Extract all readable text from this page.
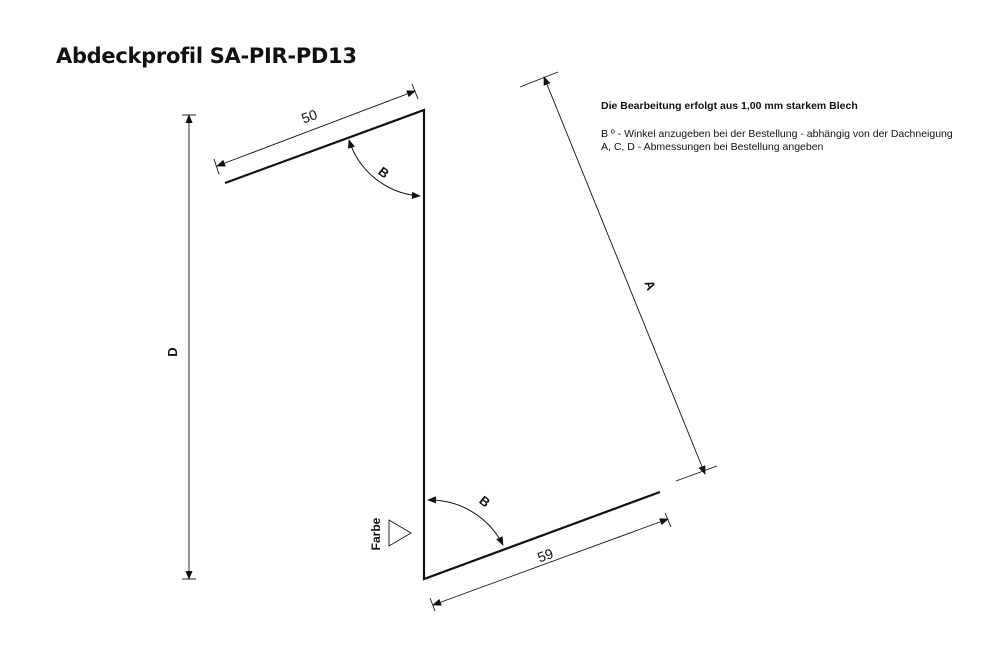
Abdeckprofil SA-PIR-PD13
Die Bearbeitung erfolgt aus 1,00 mm starkem Blech
B º - Winkel anzugeben bei der Bestellung - abhängig von der Dachneigung
A, C, D - Abmessungen bei Bestellung angeben
50
59
D
A
B
B
Farbe
